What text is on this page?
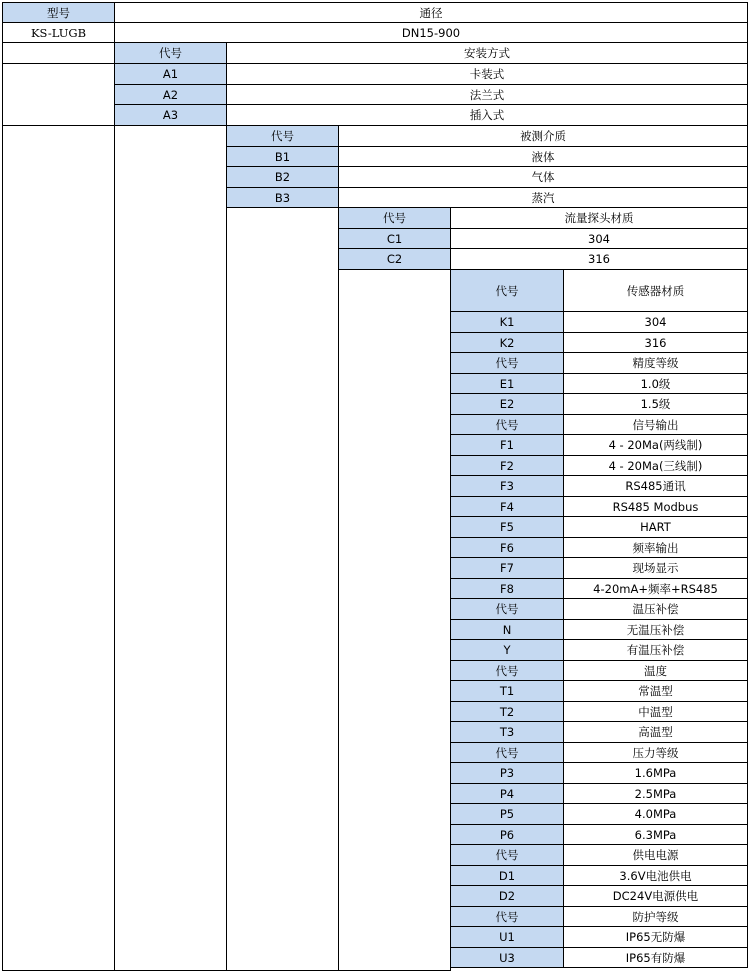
型号	通径
KS-LUGB	DN15-900
代号	安装方式
A1	卡装式
A2	法兰式
A3	插入式
代号	被测介质
B1	液体
B2	气体
B3	蒸汽
代号	流量探头材质
C1	304
C2	316
代号	传感器材质
K1	304
K2	316
代号	精度等级
E1	1.0级
E2	1.5级
代号	信号输出
F1	4 - 20Ma(两线制)
F2	4 - 20Ma(三线制)
F3	RS485通讯
F4	RS485 Modbus
F5	HART
F6	频率输出
F7	现场显示
F8	4-20mA+频率+RS485
代号	温压补偿
N	无温压补偿
Y	有温压补偿
代号	温度
T1	常温型
T2	中温型
T3	高温型
代号	压力等级
P3	1.6MPa
P4	2.5MPa
P5	4.0MPa
P6	6.3MPa
代号	供电电源
D1	3.6V电池供电
D2	DC24V电源供电
代号	防护等级
U1	IP65无防爆
U3	IP65有防爆
